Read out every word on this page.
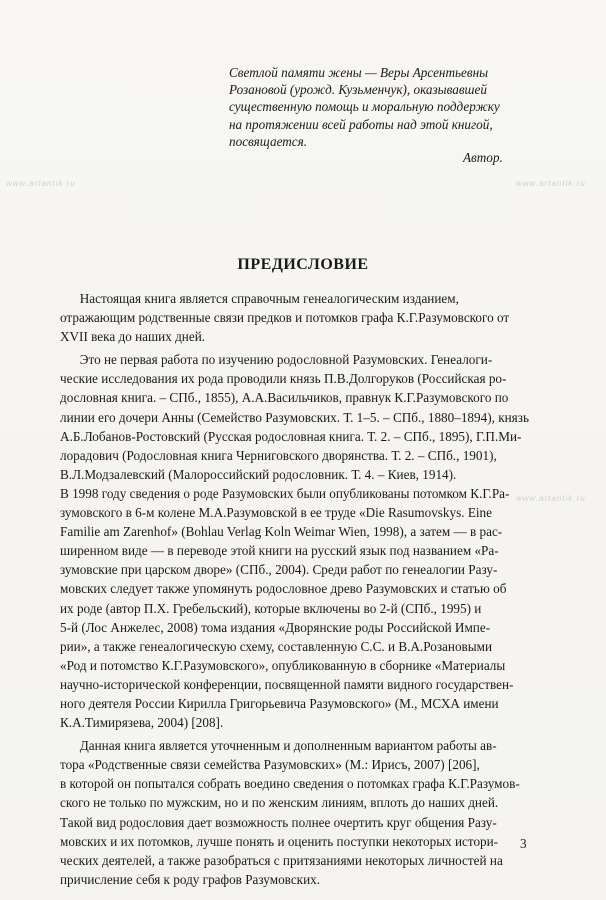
www.artantik.ru	www.artantik.ru
www.artantik.ru
Светлой памяти жены — Веры Арсентьевны
Розановой (урожд. Кузьменчук), оказывавшей
существенную помощь и моральную поддержку
на протяжении всей работы над этой книгой,
посвящается.
Автор.
ПРЕДИСЛОВИЕ
Настоящая книга является справочным генеалогическим изданием,
отражающим родственные связи предков и потомков графа К.Г.Разумовского от
XVII века до наших дней.
Это не первая работа по изучению родословной Разумовских. Генеалоги-
ческие исследования их рода проводили князь П.В.Долгоруков (Российская ро-
дословная книга. – СПб., 1855), А.А.Васильчиков, правнук К.Г.Разумовского по
линии его дочери Анны (Семейство Разумовских. Т. 1–5. – СПб., 1880–1894), князь
А.Б.Лобанов-Ростовский (Русская родословная книга. Т. 2. – СПб., 1895), Г.П.Ми-
лорадович (Родословная книга Черниговского дворянства. Т. 2. – СПб., 1901),
В.Л.Модзалевский (Малороссийский родословник. Т. 4. – Киев, 1914).
В 1998 году сведения о роде Разумовских были опубликованы потомком К.Г.Ра-
зумовского в 6-м колене М.А.Разумовской в ее труде «Die Rasumovskys. Eine
Familie am Zarenhof» (Bohlau Verlag Koln Weimar Wien, 1998), а затем — в рас-
ширенном виде — в переводе этой книги на русский язык под названием «Ра-
зумовские при царском дворе» (СПб., 2004). Среди работ по генеалогии Разу-
мовских следует также упомянуть родословное древо Разумовских и статью об
их роде (автор П.Х. Гребельский), которые включены во 2-й (СПб., 1995) и
5-й (Лос Анжелес, 2008) тома издания «Дворянские роды Российской Импе-
рии», а также генеалогическую схему, составленную С.С. и В.А.Розановыми
«Род и потомство К.Г.Разумовского», опубликованную в сборнике «Материалы
научно-исторической конференции, посвященной памяти видного государствен-
ного деятеля России Кирилла Григорьевича Разумовского» (М., МСХА имени
К.А.Тимирязева, 2004) [208].
Данная книга является уточненным и дополненным вариантом работы ав-
тора «Родственные связи семейства Разумовских» (М.: Ирисъ, 2007) [206],
в которой он попытался собрать воедино сведения о потомках графа К.Г.Разумов-
ского не только по мужским, но и по женским линиям, вплоть до наших дней.
Такой вид родословия дает возможность полнее очертить круг общения Разу-
мовских и их потомков, лучше понять и оценить поступки некоторых истори-
ческих деятелей, а также разобраться с притязаниями некоторых личностей на
причисление себя к роду графов Разумовских.
3
